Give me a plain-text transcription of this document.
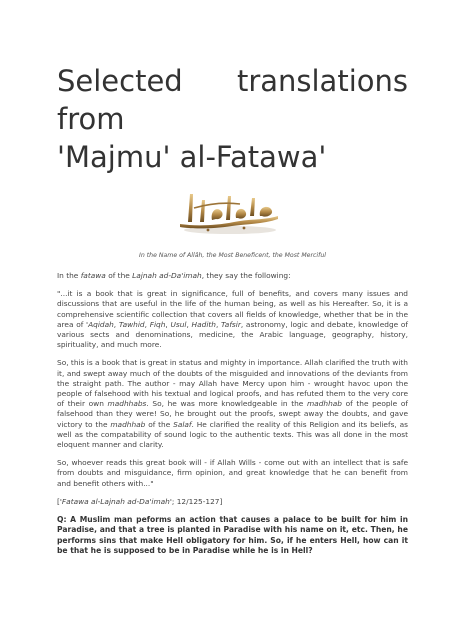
Selected translations from
'Majmu' al-Fatawa'
In the Name of Allâh, the Most Beneficent, the Most Merciful

In the fatawa of the Lajnah ad-Da'imah, they say the following:

"...it is a book that is great in significance, full of benefits, and covers many issues and discussions that are useful in the life of the human being, as well as his Hereafter. So, it is a comprehensive scientific collection that covers all fields of knowledge, whether that be in the area of 'Aqidah, Tawhid, Fiqh, Usul, Hadith, Tafsir, astronomy, logic and debate, knowledge of various sects and denominations, medicine, the Arabic language, geography, history, spirituality, and much more.

So, this is a book that is great in status and mighty in importance. Allah clarified the truth with it, and swept away much of the doubts of the misguided and innovations of the deviants from the straight path. The author - may Allah have Mercy upon him - wrought havoc upon the people of falsehood with his textual and logical proofs, and has refuted them to the very core of their own madhhabs. So, he was more knowledgeable in the madhhab of the people of falsehood than they were! So, he brought out the proofs, swept away the doubts, and gave victory to the madhhab of the Salaf. He clarified the reality of this Religion and its beliefs, as well as the compatability of sound logic to the authentic texts. This was all done in the most eloquent manner and clarity.

So, whoever reads this great book will - if Allah Wills - come out with an intellect that is safe from doubts and misguidance, firm opinion, and great knowledge that he can benefit from and benefit others with..."

['Fatawa al-Lajnah ad-Da'imah'; 12/125-127]

Q: A Muslim man peforms an action that causes a palace to be built for him in Paradise, and that a tree is planted in Paradise with his name on it, etc. Then, he performs sins that make Hell obligatory for him. So, if he enters Hell, how can it be that he is supposed to be in Paradise while he is in Hell?
